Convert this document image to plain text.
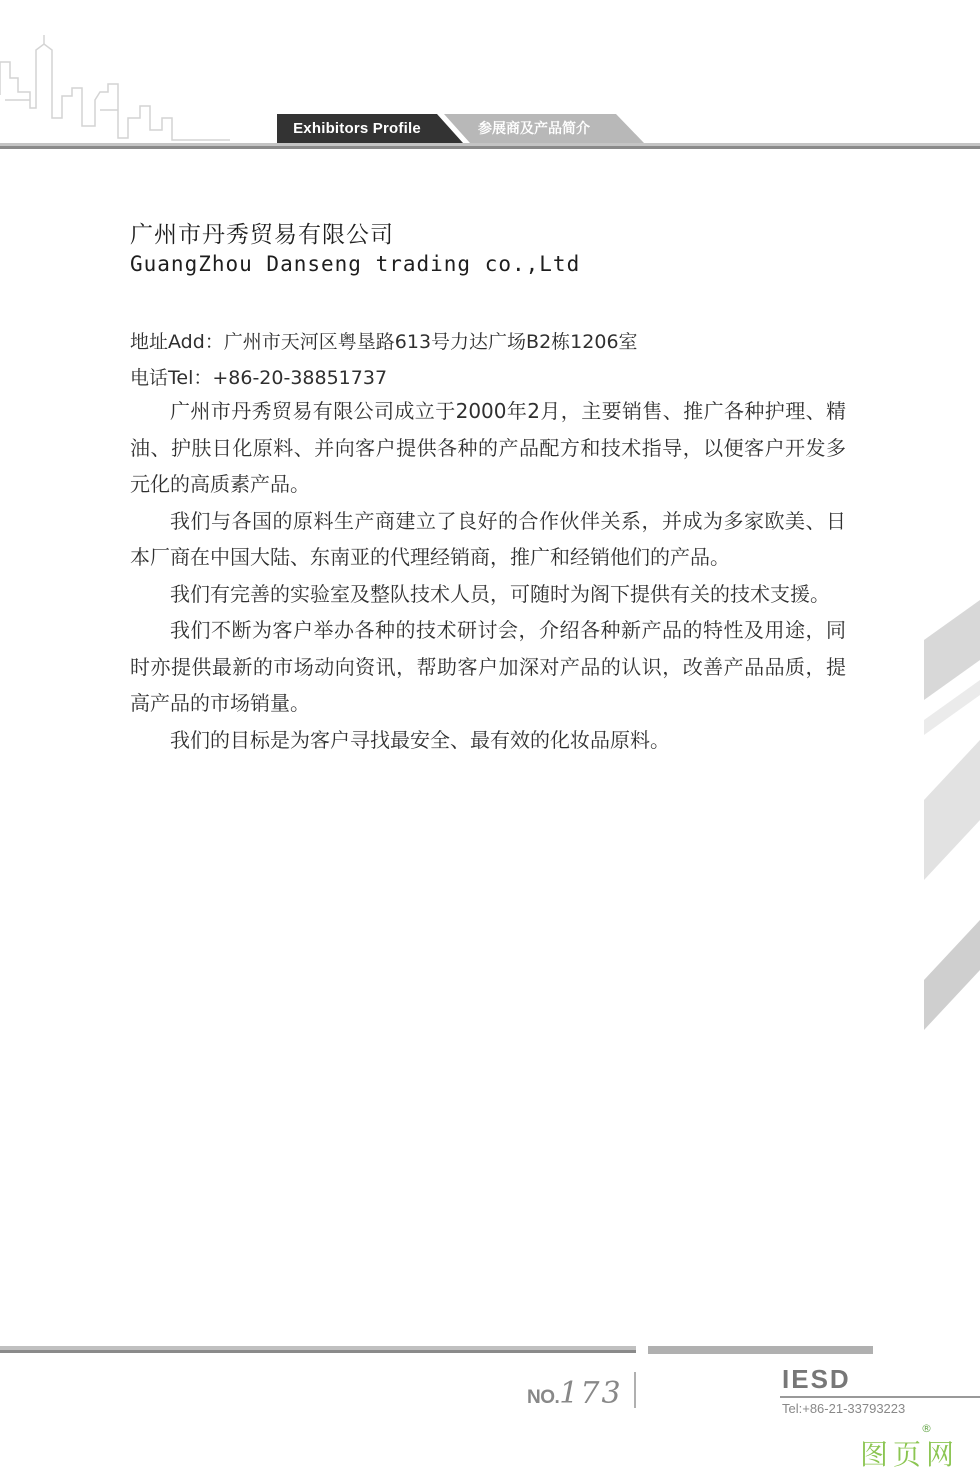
Exhibitors Profile	参展商及产品简介
广州市丹秀贸易有限公司
GuangZhou Danseng trading co.,Ltd
地址Add：广州市天河区粤垦路613号力达广场B2栋1206室
电话Tel：+86-20-38851737

广州市丹秀贸易有限公司成立于2000年2月，主要销售、推广各种护理、精油、护肤日化原料、并向客户提供各种的产品配方和技术指导，以便客户开发多元化的高质素产品。

我们与各国的原料生产商建立了良好的合作伙伴关系，并成为多家欧美、日本厂商在中国大陆、东南亚的代理经销商，推广和经销他们的产品。

我们有完善的实验室及整队技术人员，可随时为阁下提供有关的技术支援。

我们不断为客户举办各种的技术研讨会，介绍各种新产品的特性及用途，同时亦提供最新的市场动向资讯，帮助客户加深对产品的认识，改善产品品质，提高产品的市场销量。

我们的目标是为客户寻找最安全、最有效的化妆品原料。

NO.173	IESD
Tel:+86-21-33793223
®
图页网
